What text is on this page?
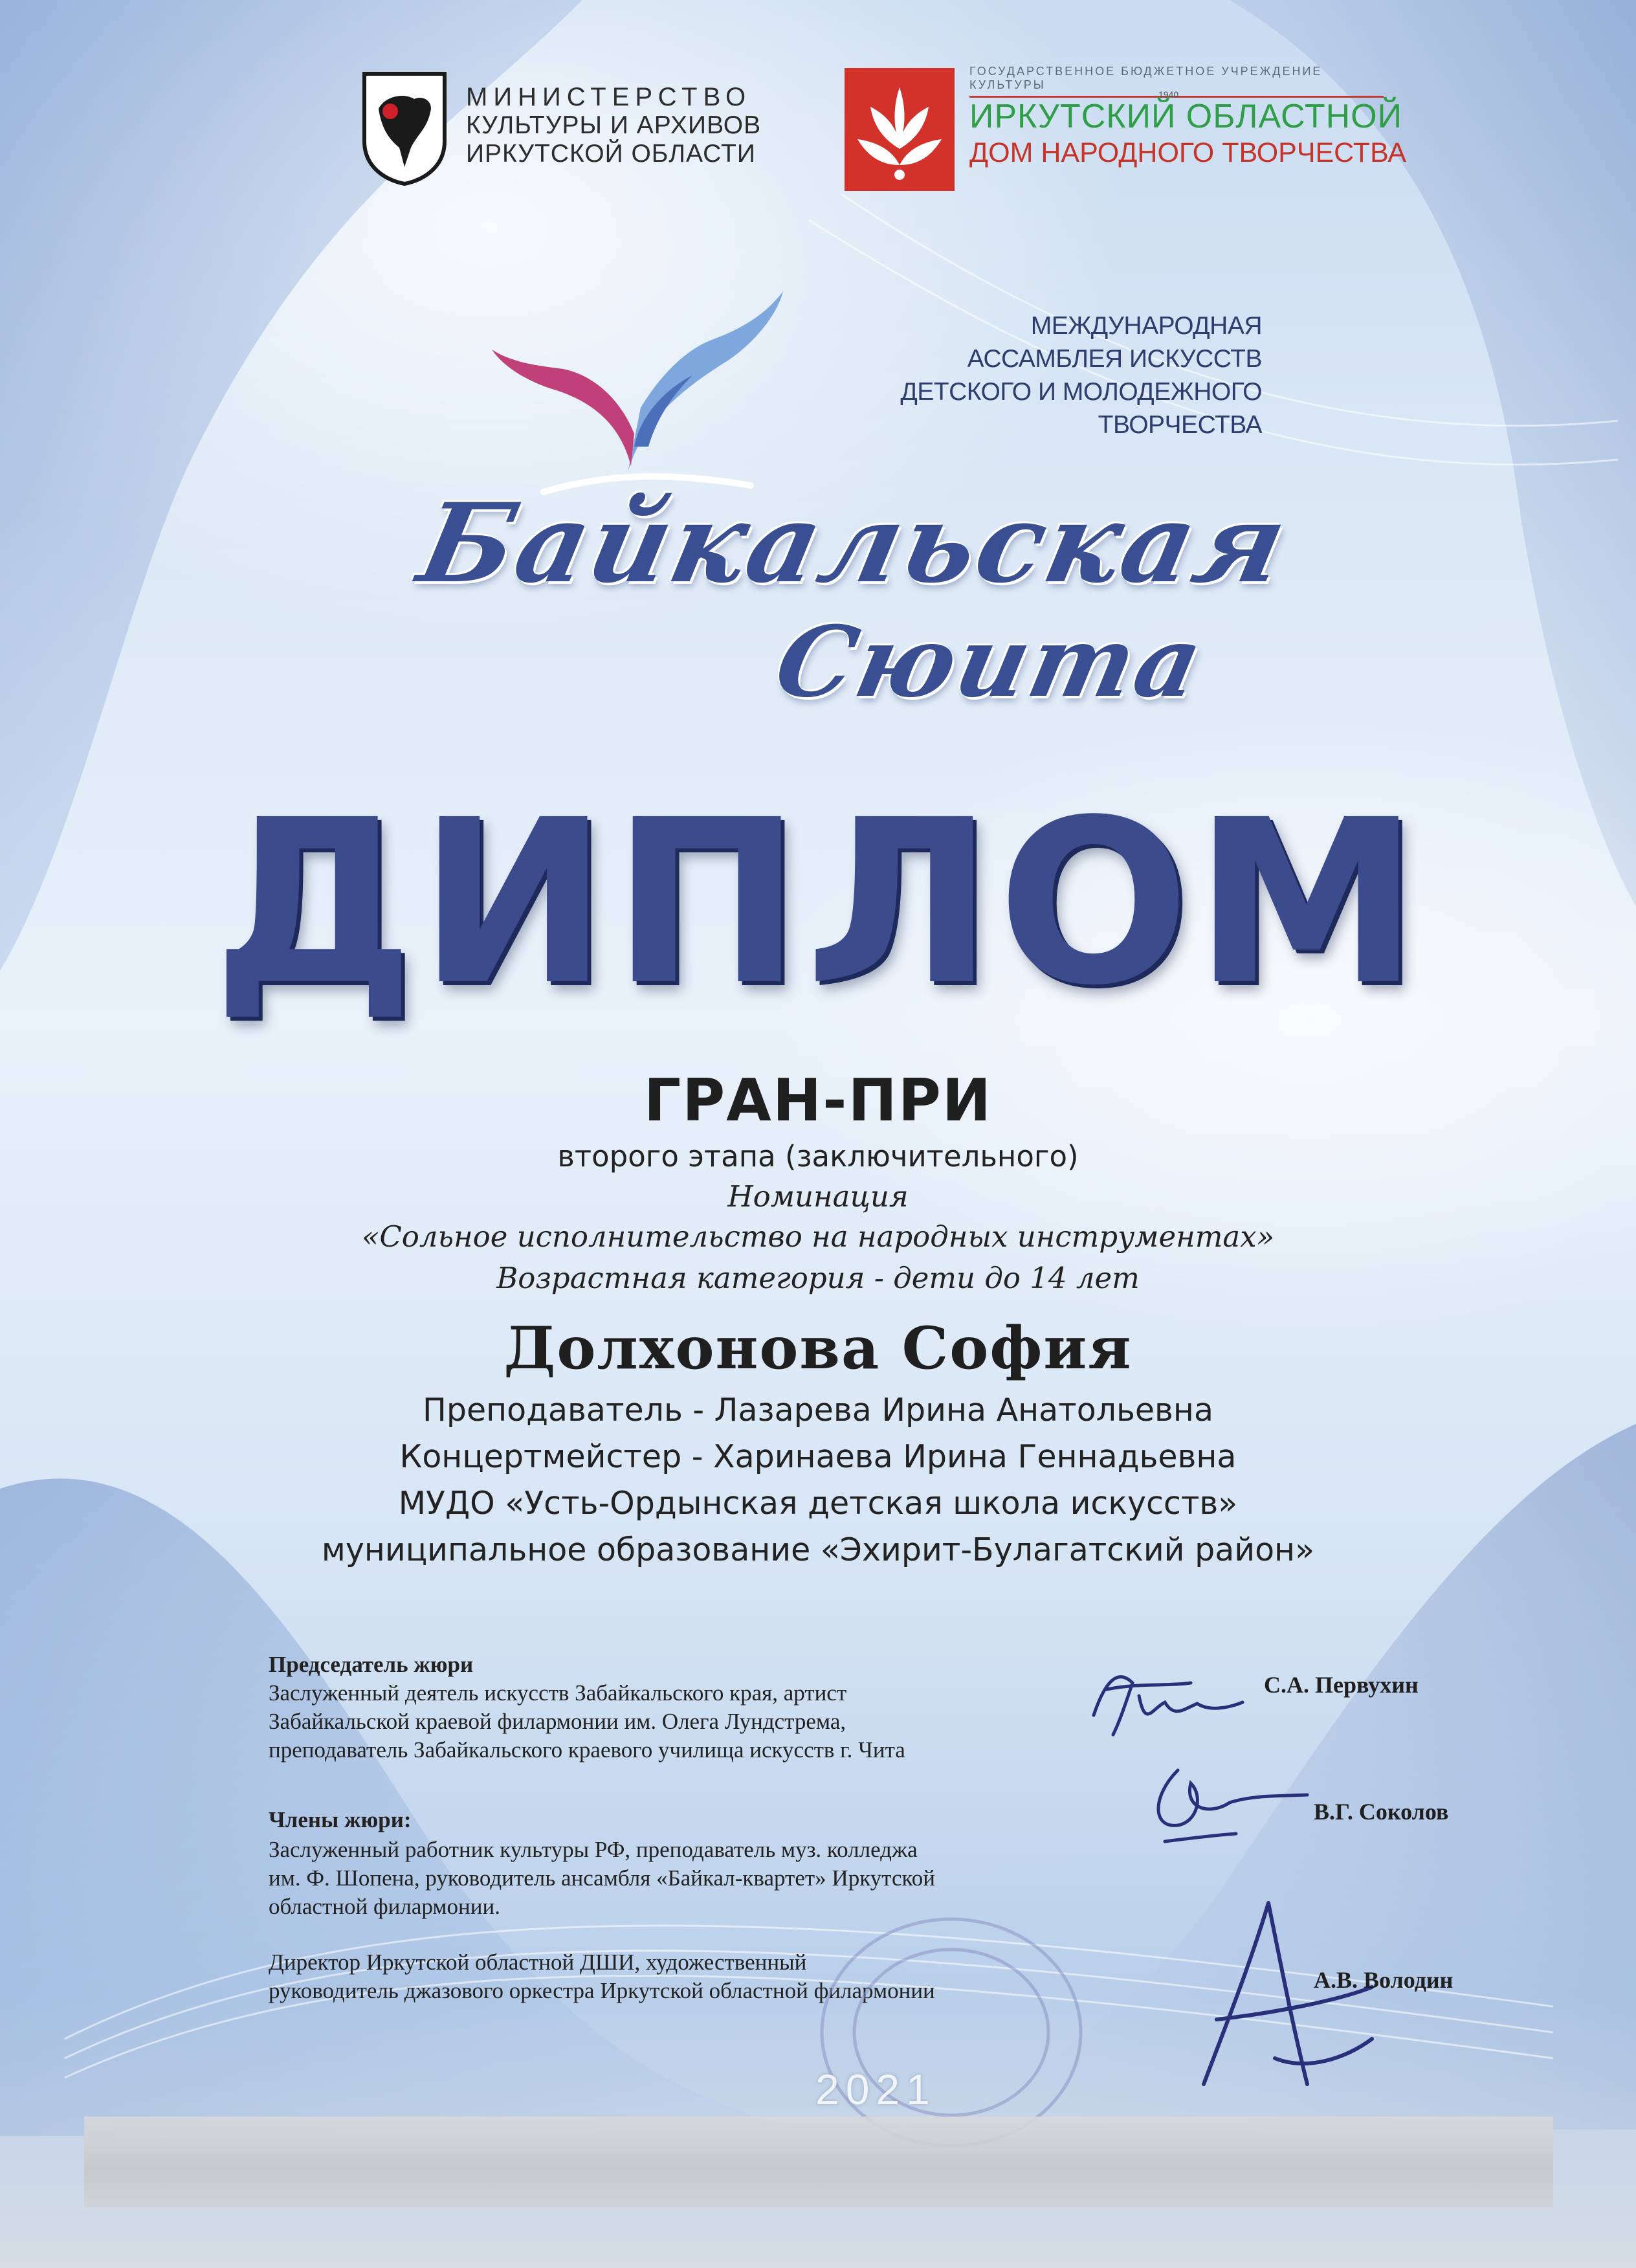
МИНИСТЕРСТВО
КУЛЬТУРЫ И АРХИВОВ
ИРКУТСКОЙ ОБЛАСТИ
ГОСУДАРСТВЕННОЕ БЮДЖЕТНОЕ УЧРЕЖДЕНИЕ КУЛЬТУРЫ
1940
ИРКУТСКИЙ ОБЛАСТНОЙ
ДОМ НАРОДНОГО ТВОРЧЕСТВА
МЕЖДУНАРОДНАЯ
АССАМБЛЕЯ ИСКУССТВ
ДЕТСКОГО И МОЛОДЕЖНОГО
ТВОРЧЕСТВА
Байкальская
Сюита
ДИПЛОМ
ГРАН-ПРИ
второго этапа (заключительного)
Номинация
«Сольное исполнительство на народных инструментах»
Возрастная категория - дети до 14 лет
Долхонова София
Преподаватель - Лазарева Ирина Анатольевна
Концертмейстер - Харинаева Ирина Геннадьевна
МУДО «Усть-Ордынская детская школа искусств»
муниципальное образование «Эхирит-Булагатский район»
Председатель жюри
Заслуженный деятель искусств Забайкальского края, артист
Забайкальской краевой филармонии им. Олега Лундстрема,
преподаватель Забайкальского краевого училища искусств г. Чита
Члены жюри:
Заслуженный работник культуры РФ, преподаватель муз. колледжа
им. Ф. Шопена, руководитель ансамбля «Байкал-квартет» Иркутской
областной филармонии.
Директор Иркутской областной ДШИ, художественный
руководитель джазового оркестра Иркутской областной филармонии
С.А. Первухин
В.Г. Соколов
А.В. Володин
2021
